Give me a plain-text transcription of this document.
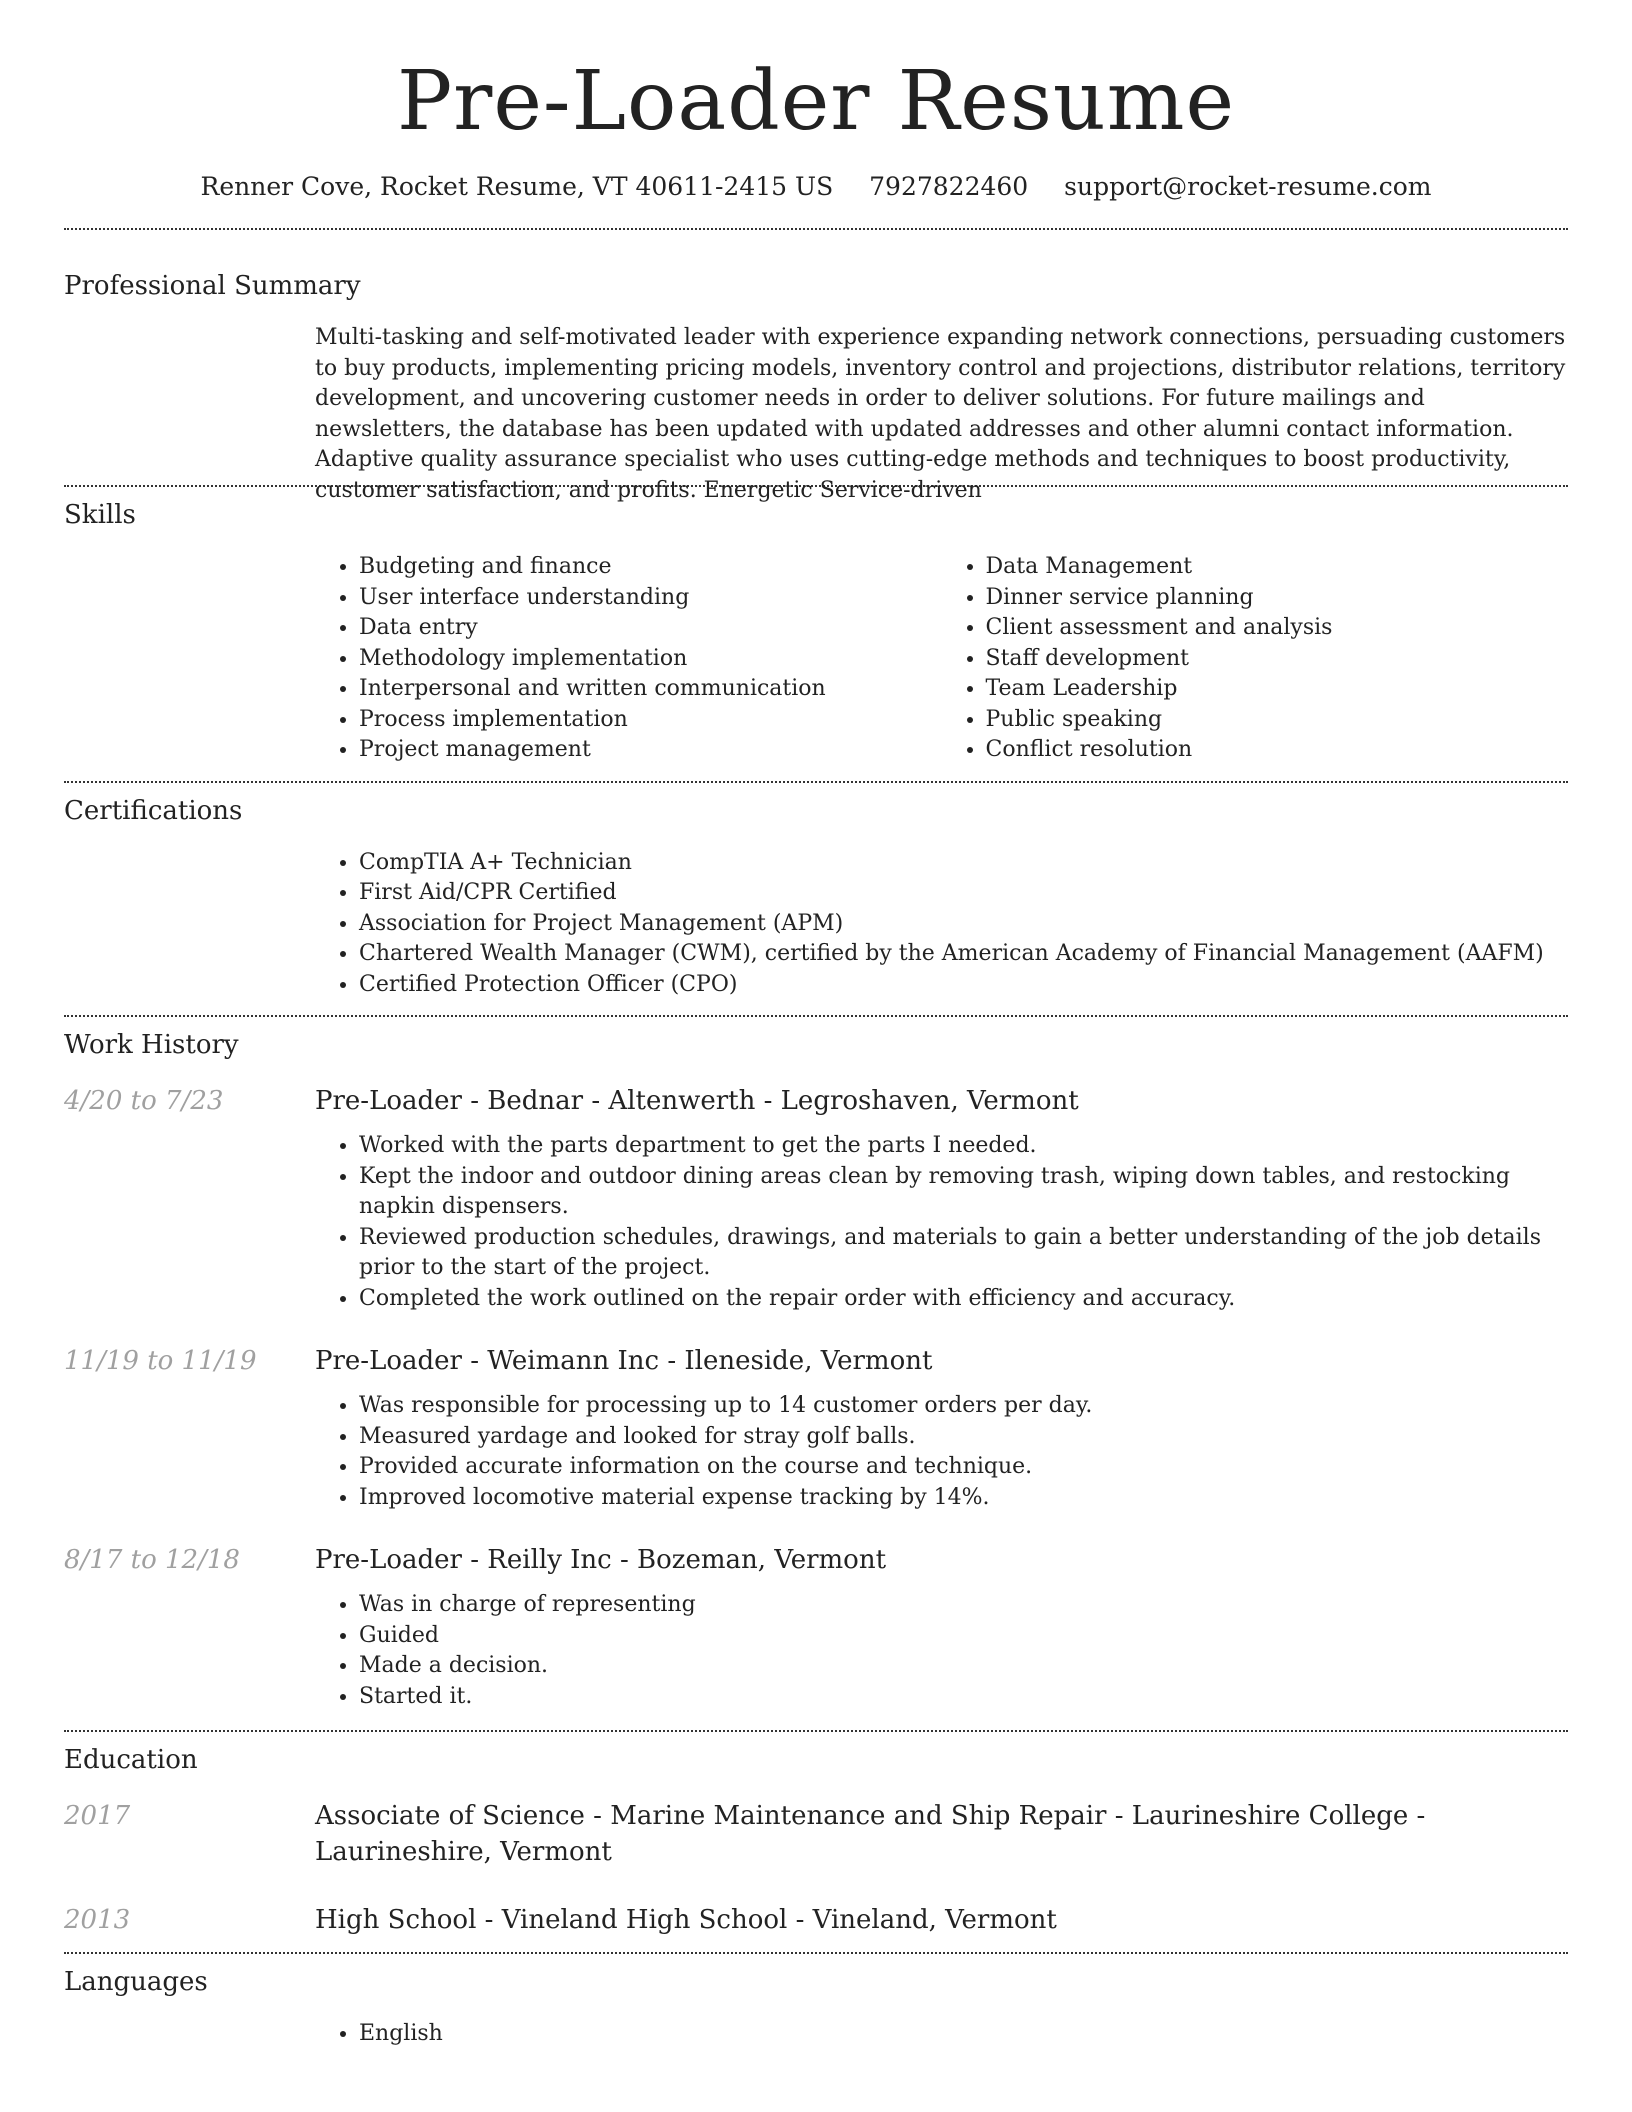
Pre-Loader Resume
Renner Cove, Rocket Resume, VT 40611-2415 US 7927822460 support@rocket-resume.com
Professional Summary
Multi-tasking and self-motivated leader with experience expanding network connections, persuading customers to buy products, implementing pricing models, inventory control and projections, distributor relations, territory development, and uncovering customer needs in order to deliver solutions. For future mailings and newsletters, the database has been updated with updated addresses and other alumni contact information. Adaptive quality assurance specialist who uses cutting-edge methods and techniques to boost productivity, customer satisfaction, and profits. Energetic Service-driven
Skills
• Budgeting and finance
• User interface understanding
• Data entry
• Methodology implementation
• Interpersonal and written communication
• Process implementation
• Project management
• Data Management
• Dinner service planning
• Client assessment and analysis
• Staff development
• Team Leadership
• Public speaking
• Conflict resolution
Certifications
• CompTIA A+ Technician
• First Aid/CPR Certified
• Association for Project Management (APM)
• Chartered Wealth Manager (CWM), certified by the American Academy of Financial Management (AAFM)
• Certified Protection Officer (CPO)
Work History
4/20 to 7/23	Pre-Loader - Bednar - Altenwerth - Legroshaven, Vermont
• Worked with the parts department to get the parts I needed.
• Kept the indoor and outdoor dining areas clean by removing trash, wiping down tables, and restocking napkin dispensers.
• Reviewed production schedules, drawings, and materials to gain a better understanding of the job details prior to the start of the project.
• Completed the work outlined on the repair order with efficiency and accuracy.
11/19 to 11/19 Pre-Loader - Weimann Inc - Ileneside, Vermont
• Was responsible for processing up to 14 customer orders per day.
• Measured yardage and looked for stray golf balls.
• Provided accurate information on the course and technique.
• Improved locomotive material expense tracking by 14%.
8/17 to 12/18	Pre-Loader - Reilly Inc - Bozeman, Vermont
• Was in charge of representing
• Guided
• Made a decision.
• Started it.
Education
2017	Associate of Science - Marine Maintenance and Ship Repair - Laurineshire College - Laurineshire, Vermont
2013	High School - Vineland High School - Vineland, Vermont
Languages
• English
